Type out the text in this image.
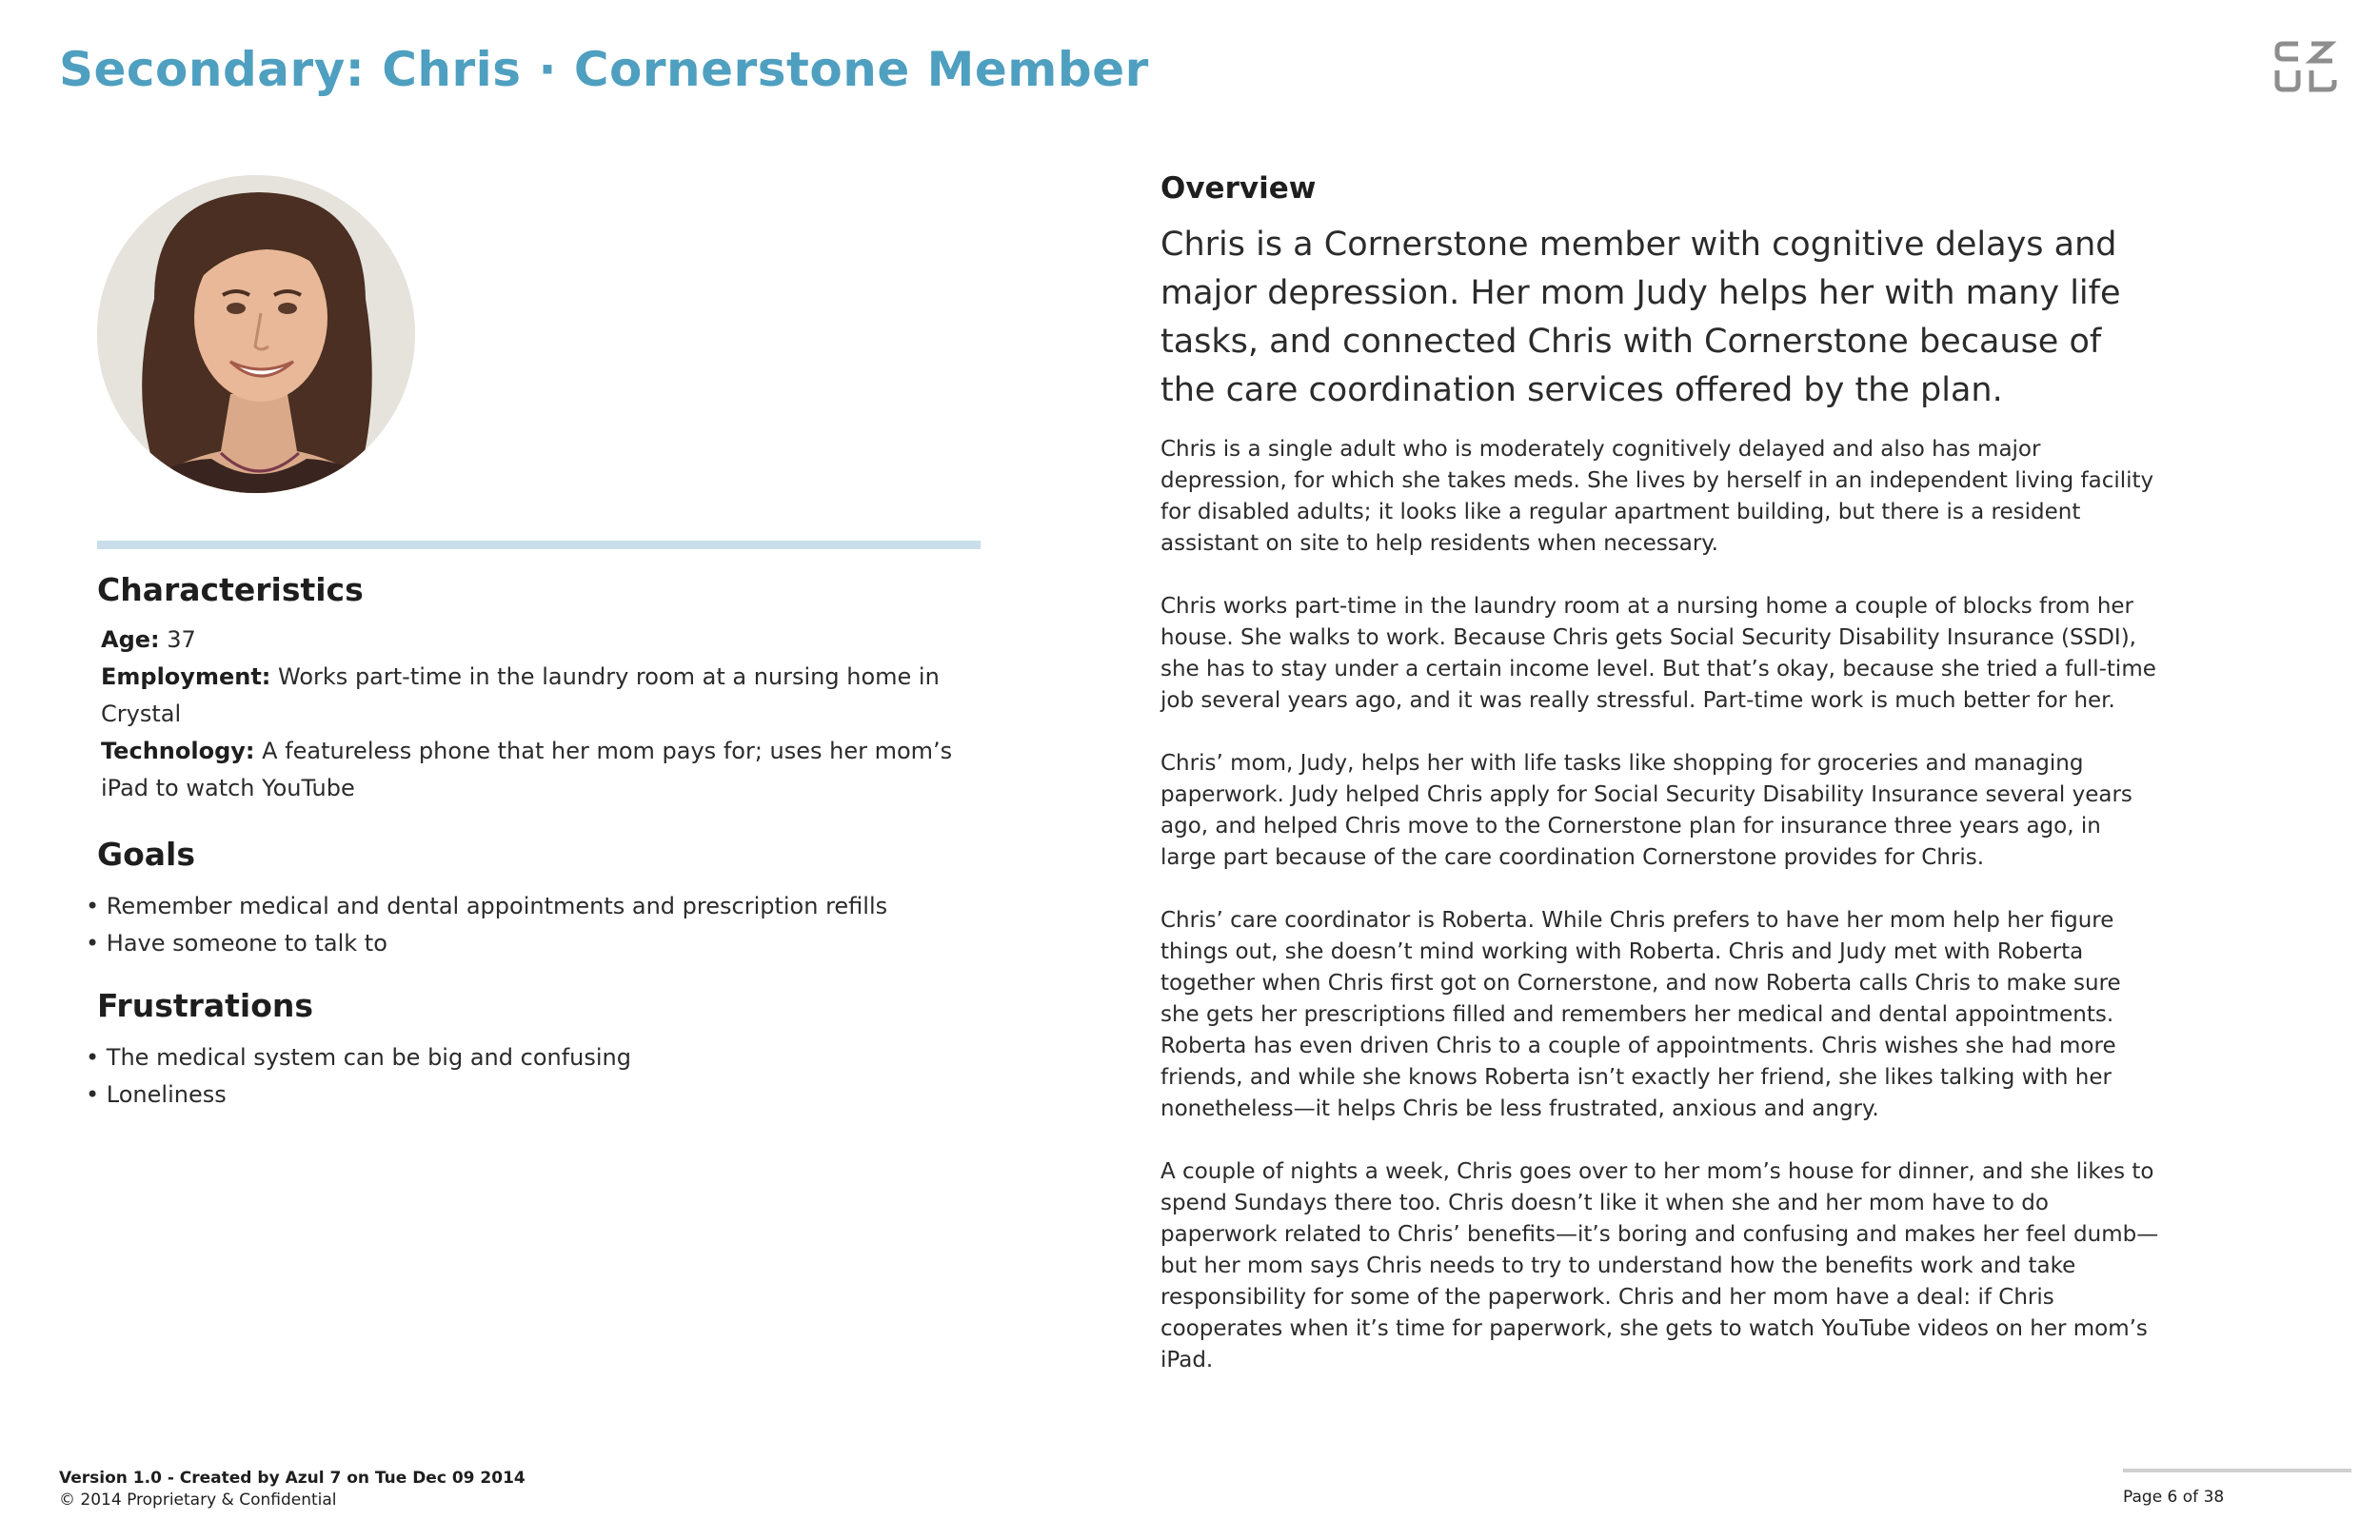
Secondary: Chris · Cornerstone Member
Characteristics
Age: 37
Employment: Works part-time in the laundry room at a nursing home in Crystal
Technology: A featureless phone that her mom pays for; uses her mom’s
iPad to watch YouTube
Goals
• Remember medical and dental appointments and prescription refills
• Have someone to talk to
Frustrations
• The medical system can be big and confusing
• Loneliness
Overview

Chris is a Cornerstone member with cognitive delays and major depression. Her mom Judy helps her with many life tasks, and connected Chris with Cornerstone because of the care coordination services offered by the plan.

Chris is a single adult who is moderately cognitively delayed and also has major depression, for which she takes meds. She lives by herself in an independent living facility for disabled adults; it looks like a regular apartment building, but there is a resident assistant on site to help residents when necessary.

Chris works part-time in the laundry room at a nursing home a couple of blocks from her house. She walks to work. Because Chris gets Social Security Disability Insurance (SSDI), she has to stay under a certain income level. But that’s okay, because she tried a full-time job several years ago, and it was really stressful. Part-time work is much better for her.

Chris’ mom, Judy, helps her with life tasks like shopping for groceries and managing paperwork. Judy helped Chris apply for Social Security Disability Insurance several years ago, and helped Chris move to the Cornerstone plan for insurance three years ago, in large part because of the care coordination Cornerstone provides for Chris.

Chris’ care coordinator is Roberta. While Chris prefers to have her mom help her figure things out, she doesn’t mind working with Roberta. Chris and Judy met with Roberta together when Chris first got on Cornerstone, and now Roberta calls Chris to make sure she gets her prescriptions filled and remembers her medical and dental appointments. Roberta has even driven Chris to a couple of appointments. Chris wishes she had more friends, and while she knows Roberta isn’t exactly her friend, she likes talking with her nonetheless—it helps Chris be less frustrated, anxious and angry.

A couple of nights a week, Chris goes over to her mom’s house for dinner, and she likes to spend Sundays there too. Chris doesn’t like it when she and her mom have to do paperwork related to Chris’ benefits—it’s boring and confusing and makes her feel dumb—but her mom says Chris needs to try to understand how the benefits work and take responsibility for some of the paperwork. Chris and her mom have a deal: if Chris cooperates when it’s time for paperwork, she gets to watch YouTube videos on her mom’s iPad.

Version 1.0 - Created by Azul 7 on Tue Dec 09 2014
© 2014 Proprietary & Confidential	Page 6 of 38
